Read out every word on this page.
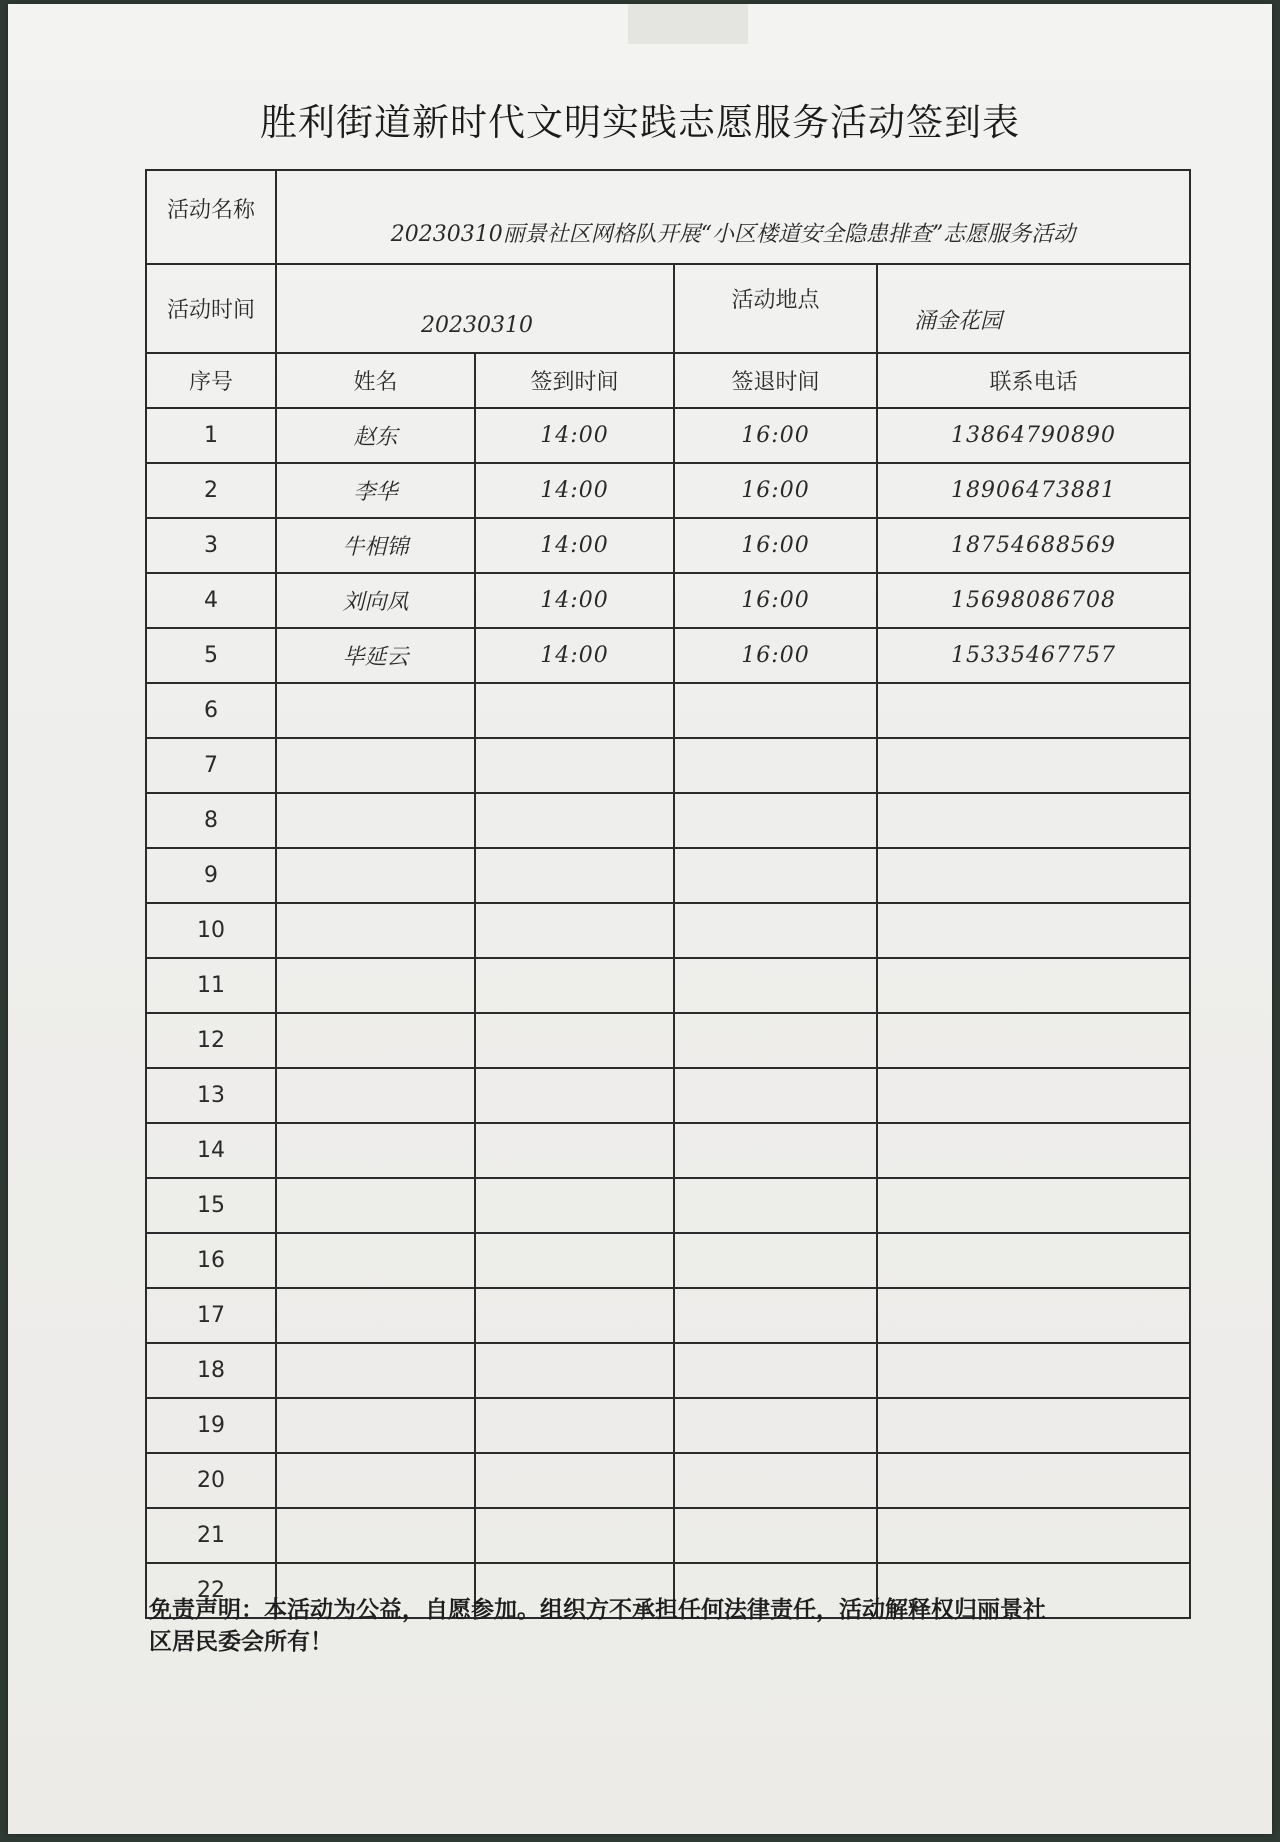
胜利街道新时代文明实践志愿服务活动签到表
活动名称	20230310丽景社区网格队开展“小区楼道安全隐患排查”志愿服务活动			
活动时间	20230310		活动地点	涌金花园
序号	姓名	签到时间	签退时间	联系电话
1	赵东	14:00	16:00	13864790890
2	李华	14:00	16:00	18906473881
3	牛相锦	14:00	16:00	18754688569
4	刘向凤	14:00	16:00	15698086708
5	毕延云	14:00	16:00	15335467757
6				
7				
8				
9				
10				
11				
12				
13				
14				
15				
16				
17				
18				
19				
20				
21				
22				
免责声明：本活动为公益，自愿参加。组织方不承担任何法律责任，活动解释权归丽景社
区居民委会所有！
